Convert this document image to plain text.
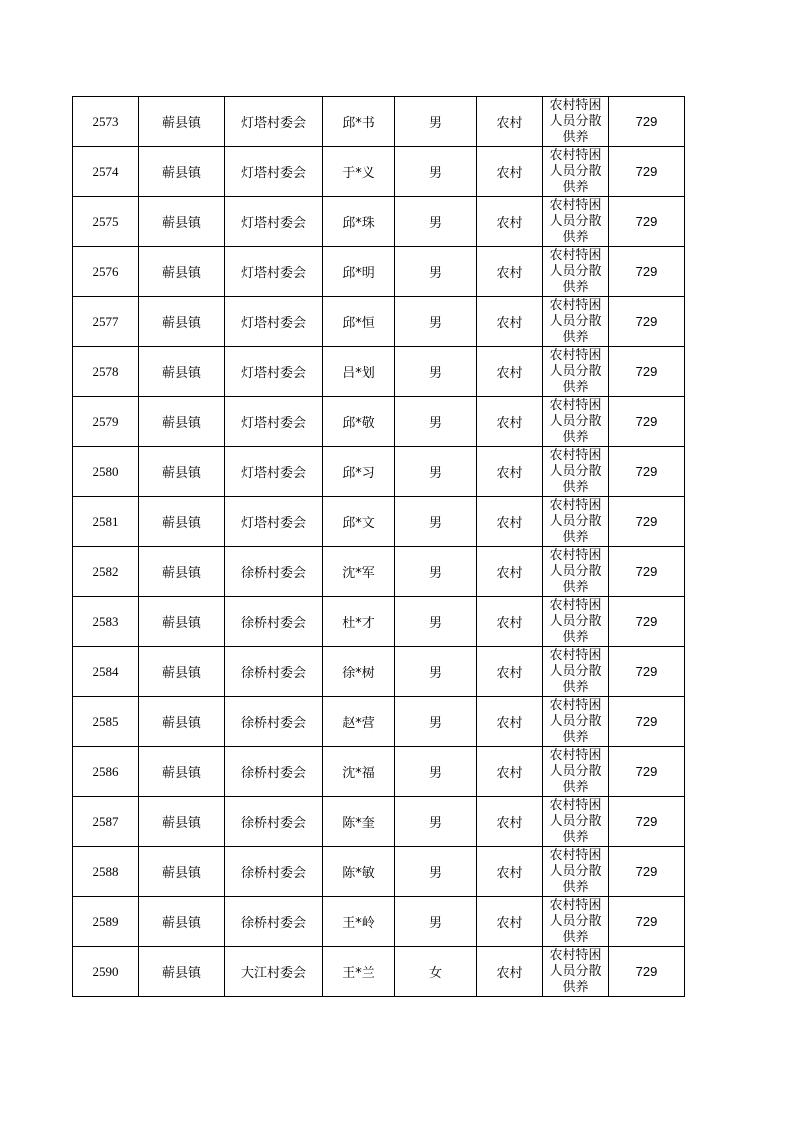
2573	蕲县镇	灯塔村委会	邱*书	男	农村	农村特困人员分散供养	729
2574	蕲县镇	灯塔村委会	于*义	男	农村	农村特困人员分散供养	729
2575	蕲县镇	灯塔村委会	邱*珠	男	农村	农村特困人员分散供养	729
2576	蕲县镇	灯塔村委会	邱*明	男	农村	农村特困人员分散供养	729
2577	蕲县镇	灯塔村委会	邱*恒	男	农村	农村特困人员分散供养	729
2578	蕲县镇	灯塔村委会	吕*划	男	农村	农村特困人员分散供养	729
2579	蕲县镇	灯塔村委会	邱*敬	男	农村	农村特困人员分散供养	729
2580	蕲县镇	灯塔村委会	邱*习	男	农村	农村特困人员分散供养	729
2581	蕲县镇	灯塔村委会	邱*文	男	农村	农村特困人员分散供养	729
2582	蕲县镇	徐桥村委会	沈*军	男	农村	农村特困人员分散供养	729
2583	蕲县镇	徐桥村委会	杜*才	男	农村	农村特困人员分散供养	729
2584	蕲县镇	徐桥村委会	徐*树	男	农村	农村特困人员分散供养	729
2585	蕲县镇	徐桥村委会	赵*营	男	农村	农村特困人员分散供养	729
2586	蕲县镇	徐桥村委会	沈*福	男	农村	农村特困人员分散供养	729
2587	蕲县镇	徐桥村委会	陈*奎	男	农村	农村特困人员分散供养	729
2588	蕲县镇	徐桥村委会	陈*敏	男	农村	农村特困人员分散供养	729
2589	蕲县镇	徐桥村委会	王*岭	男	农村	农村特困人员分散供养	729
2590	蕲县镇	大江村委会	王*兰	女	农村	农村特困人员分散供养	729
